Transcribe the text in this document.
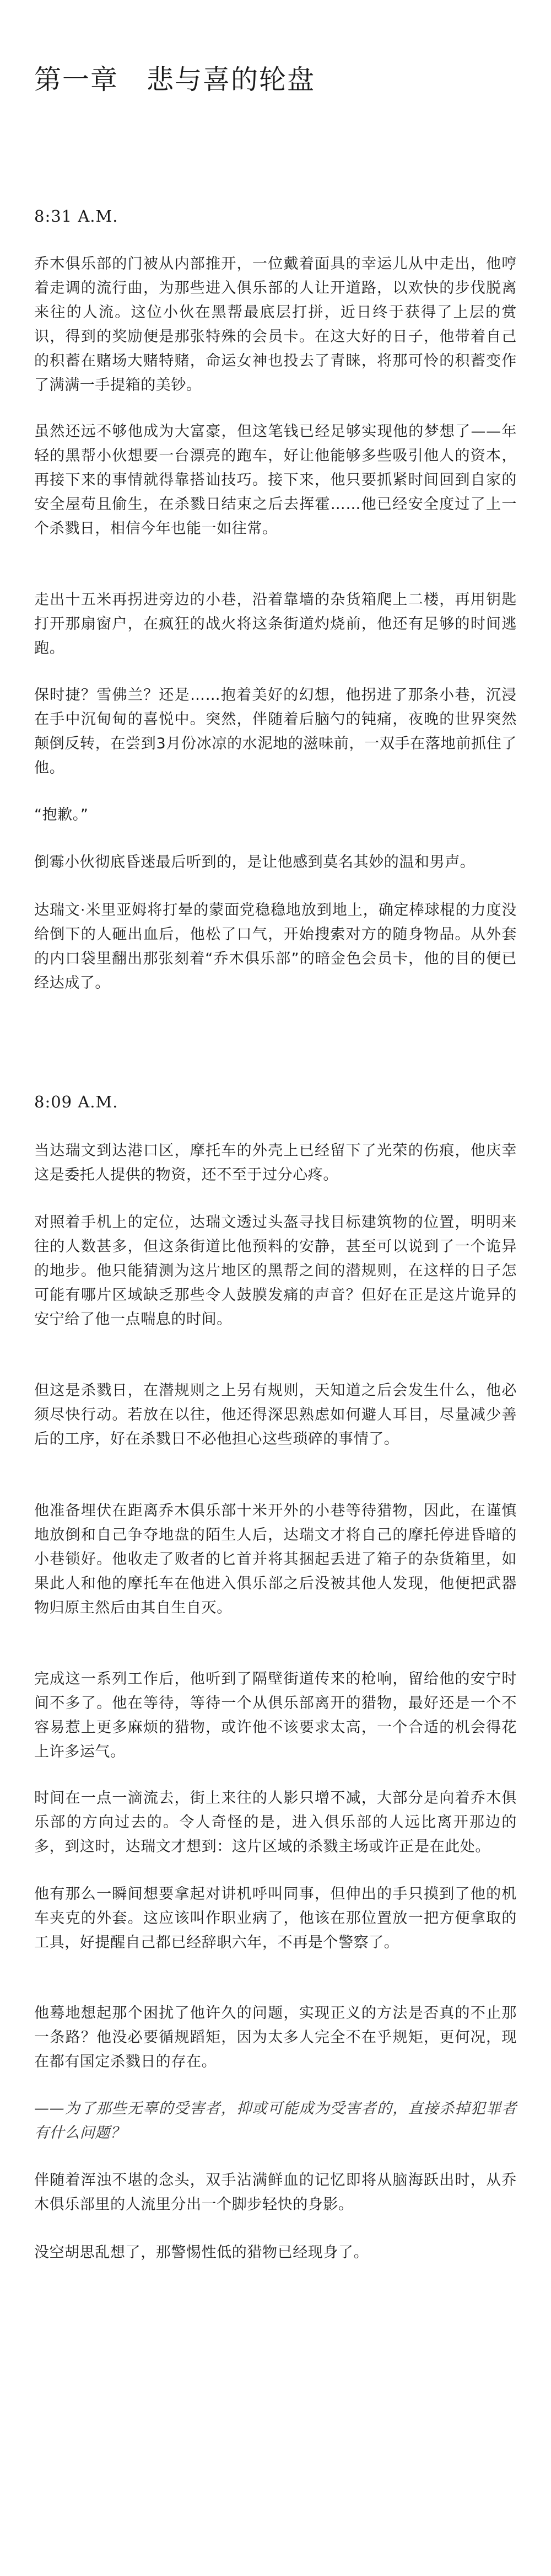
第一章　悲与喜的轮盘
8:31 A.M.

乔木俱乐部的门被从内部推开，一位戴着面具的幸运儿从中走出，他哼着走调的流行曲，为那些进入俱乐部的人让开道路，以欢快的步伐脱离来往的人流。这位小伙在黑帮最底层打拼，近日终于获得了上层的赏识，得到的奖励便是那张特殊的会员卡。在这大好的日子，他带着自己的积蓄在赌场大赌特赌，命运女神也投去了青睐，将那可怜的积蓄变作了满满一手提箱的美钞。

虽然还远不够他成为大富豪，但这笔钱已经足够实现他的梦想了——年轻的黑帮小伙想要一台漂亮的跑车，好让他能够多些吸引他人的资本，再接下来的事情就得靠搭讪技巧。接下来，他只要抓紧时间回到自家的安全屋苟且偷生，在杀戮日结束之后去挥霍……他已经安全度过了上一个杀戮日，相信今年也能一如往常。

走出十五米再拐进旁边的小巷，沿着靠墙的杂货箱爬上二楼，再用钥匙打开那扇窗户，在疯狂的战火将这条街道灼烧前，他还有足够的时间逃跑。

保时捷？雪佛兰？还是……抱着美好的幻想，他拐进了那条小巷，沉浸在手中沉甸甸的喜悦中。突然，伴随着后脑勺的钝痛，夜晚的世界突然颠倒反转，在尝到3月份冰凉的水泥地的滋味前，一双手在落地前抓住了他。

“抱歉。”

倒霉小伙彻底昏迷最后听到的，是让他感到莫名其妙的温和男声。

达瑞文·米里亚姆将打晕的蒙面党稳稳地放到地上，确定棒球棍的力度没给倒下的人砸出血后，他松了口气，开始搜索对方的随身物品。从外套的内口袋里翻出那张刻着“乔木俱乐部”的暗金色会员卡，他的目的便已经达成了。

8:09 A.M.

当达瑞文到达港口区，摩托车的外壳上已经留下了光荣的伤痕，他庆幸这是委托人提供的物资，还不至于过分心疼。

对照着手机上的定位，达瑞文透过头盔寻找目标建筑物的位置，明明来往的人数甚多，但这条街道比他预料的安静，甚至可以说到了一个诡异的地步。他只能猜测为这片地区的黑帮之间的潜规则，在这样的日子怎可能有哪片区域缺乏那些令人鼓膜发痛的声音？但好在正是这片诡异的安宁给了他一点喘息的时间。

但这是杀戮日，在潜规则之上另有规则，天知道之后会发生什么，他必须尽快行动。若放在以往，他还得深思熟虑如何避人耳目，尽量减少善后的工序，好在杀戮日不必他担心这些琐碎的事情了。

他准备埋伏在距离乔木俱乐部十米开外的小巷等待猎物，因此，在谨慎地放倒和自己争夺地盘的陌生人后，达瑞文才将自己的摩托停进昏暗的小巷锁好。他收走了败者的匕首并将其捆起丢进了箱子的杂货箱里，如果此人和他的摩托车在他进入俱乐部之后没被其他人发现，他便把武器物归原主然后由其自生自灭。

完成这一系列工作后，他听到了隔壁街道传来的枪响，留给他的安宁时间不多了。他在等待，等待一个从俱乐部离开的猎物，最好还是一个不容易惹上更多麻烦的猎物，或许他不该要求太高，一个合适的机会得花上许多运气。

时间在一点一滴流去，街上来往的人影只增不减，大部分是向着乔木俱乐部的方向过去的。令人奇怪的是，进入俱乐部的人远比离开那边的多，到这时，达瑞文才想到：这片区域的杀戮主场或许正是在此处。

他有那么一瞬间想要拿起对讲机呼叫同事，但伸出的手只摸到了他的机车夹克的外套。这应该叫作职业病了，他该在那位置放一把方便拿取的工具，好提醒自己都已经辞职六年，不再是个警察了。

他蓦地想起那个困扰了他许久的问题，实现正义的方法是否真的不止那一条路？他没必要循规蹈矩，因为太多人完全不在乎规矩，更何况，现在都有国定杀戮日的存在。

——为了那些无辜的受害者，抑或可能成为受害者的，直接杀掉犯罪者有什么问题？

伴随着浑浊不堪的念头，双手沾满鲜血的记忆即将从脑海跃出时，从乔木俱乐部里的人流里分出一个脚步轻快的身影。

没空胡思乱想了，那警惕性低的猎物已经现身了。
